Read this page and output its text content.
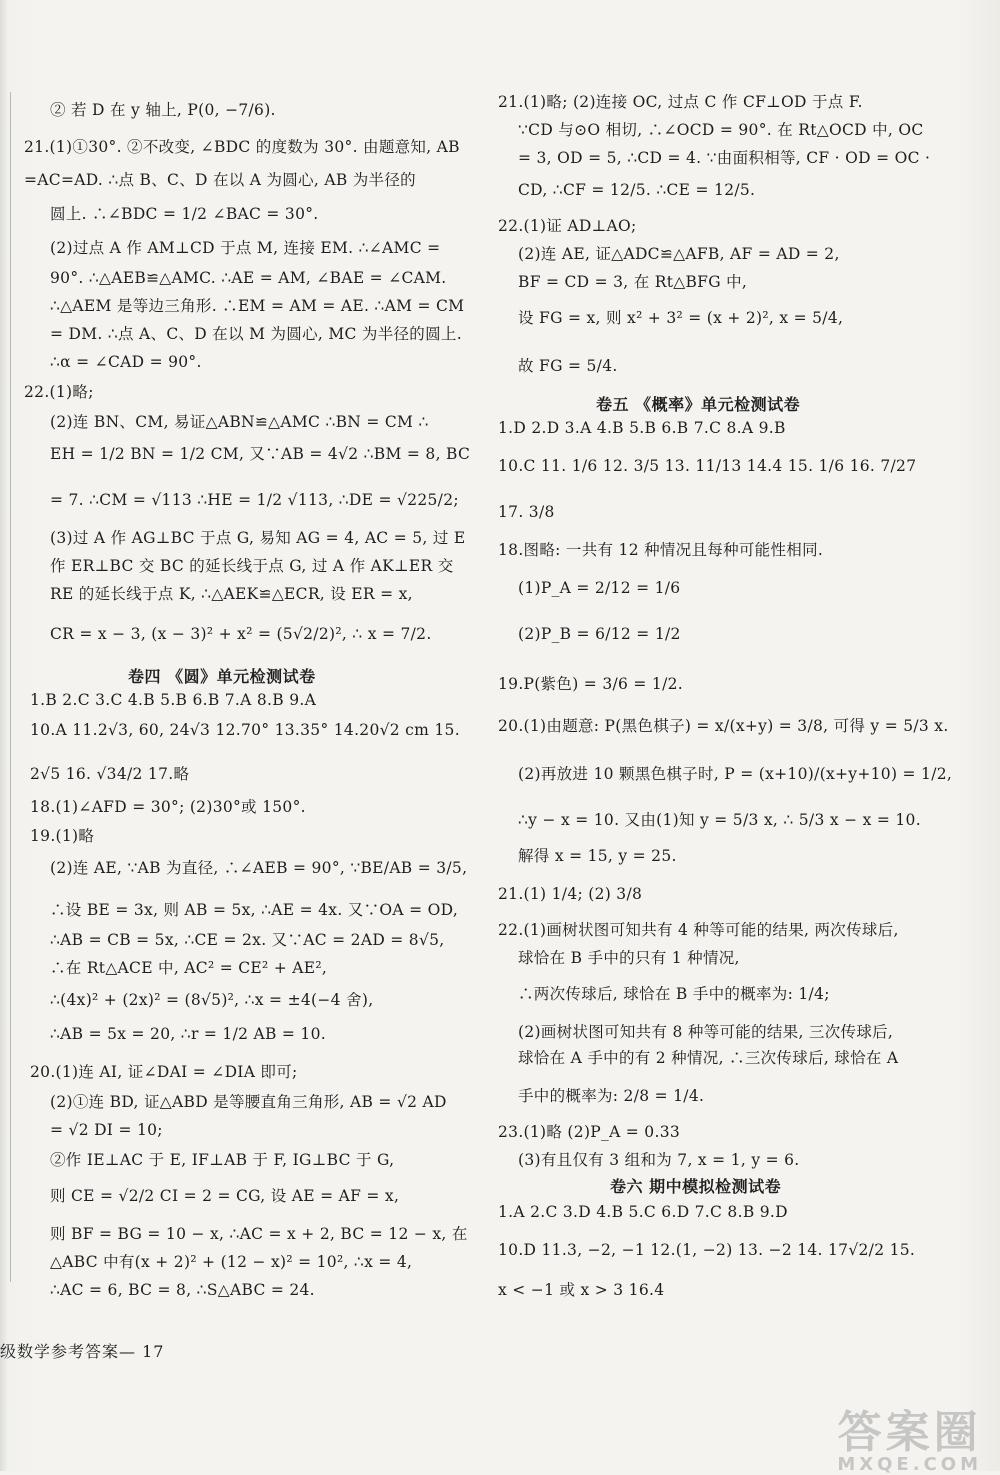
② 若 D 在 y 轴上, P(0, −7/6).
21.(1)①30°. ②不改变, ∠BDC 的度数为 30°. 由题意知, AB
=AC=AD. ∴点 B、C、D 在以 A 为圆心, AB 为半径的
圆上. ∴∠BDC = 1/2 ∠BAC = 30°.
(2)过点 A 作 AM⊥CD 于点 M, 连接 EM. ∴∠AMC =
90°. ∴△AEB≌△AMC. ∴AE = AM, ∠BAE = ∠CAM.
∴△AEM 是等边三角形. ∴EM = AM = AE. ∴AM = CM
= DM. ∴点 A、C、D 在以 M 为圆心, MC 为半径的圆上.
∴α = ∠CAD = 90°.
22.(1)略;
(2)连 BN、CM, 易证△ABN≌△AMC ∴BN = CM ∴
EH = 1/2 BN = 1/2 CM, 又∵AB = 4√2 ∴BM = 8, BC
= 7. ∴CM = √113 ∴HE = 1/2 √113, ∴DE = √225/2;
(3)过 A 作 AG⊥BC 于点 G, 易知 AG = 4, AC = 5, 过 E
作 ER⊥BC 交 BC 的延长线于点 G, 过 A 作 AK⊥ER 交
RE 的延长线于点 K, ∴△AEK≌△ECR, 设 ER = x,
CR = x − 3, (x − 3)² + x² = (5√2/2)², ∴ x = 7/2.
卷四 《圆》单元检测试卷
1.B 2.C 3.C 4.B 5.B 6.B 7.A 8.B 9.A
10.A 11.2√3, 60, 24√3 12.70° 13.35° 14.20√2 cm 15.
2√5 16. √34/2 17.略
18.(1)∠AFD = 30°; (2)30°或 150°.
19.(1)略
(2)连 AE, ∵AB 为直径, ∴∠AEB = 90°, ∵BE/AB = 3/5,
∴设 BE = 3x, 则 AB = 5x, ∴AE = 4x. 又∵OA = OD,
∴AB = CB = 5x, ∴CE = 2x. 又∵AC = 2AD = 8√5,
∴在 Rt△ACE 中, AC² = CE² + AE²,
∴(4x)² + (2x)² = (8√5)², ∴x = ±4(−4 舍),
∴AB = 5x = 20, ∴r = 1/2 AB = 10.
20.(1)连 AI, 证∠DAI = ∠DIA 即可;
(2)①连 BD, 证△ABD 是等腰直角三角形, AB = √2 AD
= √2 DI = 10;
②作 IE⊥AC 于 E, IF⊥AB 于 F, IG⊥BC 于 G,
则 CE = √2/2 CI = 2 = CG, 设 AE = AF = x,
则 BF = BG = 10 − x, ∴AC = x + 2, BC = 12 − x, 在
△ABC 中有(x + 2)² + (12 − x)² = 10², ∴x = 4,
∴AC = 6, BC = 8, ∴S△ABC = 24.
21.(1)略; (2)连接 OC, 过点 C 作 CF⊥OD 于点 F.
∵CD 与⊙O 相切, ∴∠OCD = 90°. 在 Rt△OCD 中, OC
= 3, OD = 5, ∴CD = 4. ∵由面积相等, CF · OD = OC ·
CD, ∴CF = 12/5. ∴CE = 12/5.
22.(1)证 AD⊥AO;
(2)连 AE, 证△ADC≌△AFB, AF = AD = 2,
BF = CD = 3, 在 Rt△BFG 中,
设 FG = x, 则 x² + 3² = (x + 2)², x = 5/4,
故 FG = 5/4.
卷五 《概率》单元检测试卷
1.D 2.D 3.A 4.B 5.B 6.B 7.C 8.A 9.B
10.C 11. 1/6 12. 3/5 13. 11/13 14.4 15. 1/6 16. 7/27
17. 3/8
18.图略: 一共有 12 种情况且每种可能性相同.
(1)P_A = 2/12 = 1/6
(2)P_B = 6/12 = 1/2
19.P(紫色) = 3/6 = 1/2.
20.(1)由题意: P(黑色棋子) = x/(x+y) = 3/8, 可得 y = 5/3 x.
(2)再放进 10 颗黑色棋子时, P = (x+10)/(x+y+10) = 1/2,
∴y − x = 10. 又由(1)知 y = 5/3 x, ∴ 5/3 x − x = 10.
解得 x = 15, y = 25.
21.(1) 1/4; (2) 3/8
22.(1)画树状图可知共有 4 种等可能的结果, 两次传球后,
球恰在 B 手中的只有 1 种情况,
∴两次传球后, 球恰在 B 手中的概率为: 1/4;
(2)画树状图可知共有 8 种等可能的结果, 三次传球后,
球恰在 A 手中的有 2 种情况, ∴三次传球后, 球恰在 A
手中的概率为: 2/8 = 1/4.
23.(1)略 (2)P_A = 0.33
(3)有且仅有 3 组和为 7, x = 1, y = 6.
卷六 期中模拟检测试卷
1.A 2.C 3.D 4.B 5.C 6.D 7.C 8.B 9.D
10.D 11.3, −2, −1 12.(1, −2) 13. −2 14. 17√2/2 15.
x < −1 或 x > 3 16.4
级数学参考答案— 17
答案圈
MXQE.COM
